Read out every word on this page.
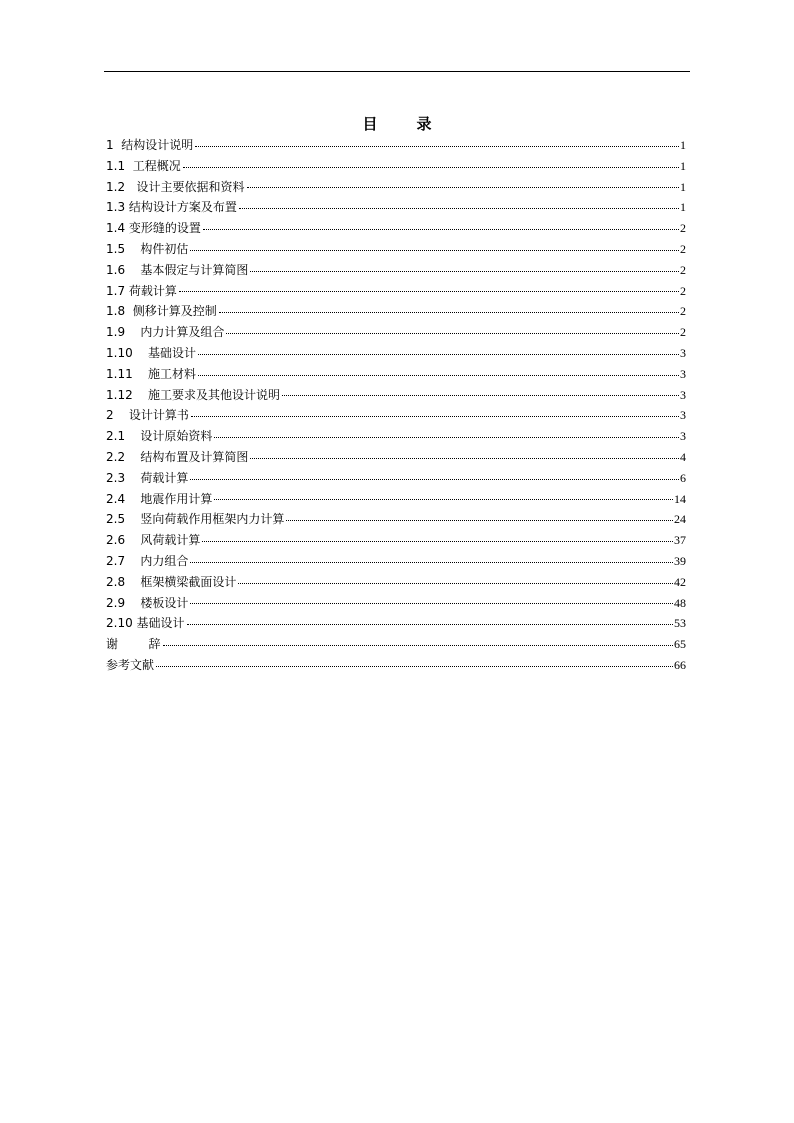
目　录
1  结构设计说明	1
1.1  工程概况	1
1.2   设计主要依据和资料	1
1.3 结构设计方案及布置	1
1.4 变形缝的设置	2
1.5    构件初估	2
1.6    基本假定与计算简图	2
1.7 荷载计算	2
1.8  侧移计算及控制	2
1.9    内力计算及组合	2
1.10    基础设计	3
1.11    施工材料	3
1.12    施工要求及其他设计说明	3
2    设计计算书	3
2.1    设计原始资料	3
2.2    结构布置及计算简图	4
2.3    荷载计算	6
2.4    地震作用计算	14
2.5    竖向荷载作用框架内力计算	24
2.6    风荷载计算	37
2.7    内力组合	39
2.8    框架横梁截面设计	42
2.9    楼板设计	48
2.10 基础设计	53
谢        辞	65
参考文献	66
